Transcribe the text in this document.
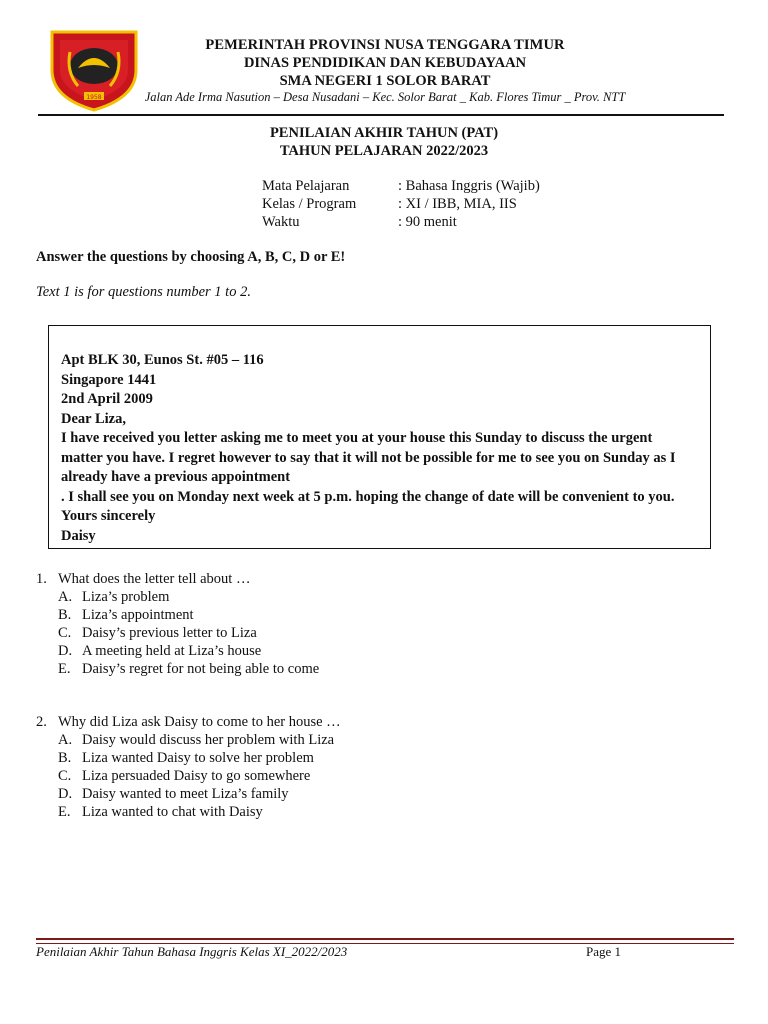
1958
PEMERINTAH PROVINSI NUSA TENGGARA TIMUR
DINAS PENDIDIKAN DAN KEBUDAYAAN
SMA NEGERI 1 SOLOR BARAT
Jalan Ade Irma Nasution – Desa Nusadani – Kec. Solor Barat _ Kab. Flores Timur _ Prov. NTT
PENILAIAN AKHIR TAHUN (PAT)
TAHUN PELAJARAN 2022/2023
Mata Pelajaran	: Bahasa Inggris (Wajib)
Kelas / Program	: XI / IBB, MIA, IIS
Waktu	: 90 menit
Answer the questions by choosing A, B, C, D or E!
Text 1 is for questions number 1 to 2.
Apt BLK 30, Eunos St. #05 – 116
Singapore 1441
2nd April 2009
Dear Liza,
I have received you letter asking me to meet you at your house this Sunday to discuss the urgent
matter you have. I regret however to say that it will not be possible for me to see you on Sunday as I
already have a previous appointment
. I shall see you on Monday next week at 5 p.m. hoping the change of date will be convenient to you.
Yours sincerely
Daisy
1. What does the letter tell about …
A. Liza’s problem
B. Liza’s appointment
C. Daisy’s previous letter to Liza
D. A meeting held at Liza’s house
E. Daisy’s regret for not being able to come
2. Why did Liza ask Daisy to come to her house …
A. Daisy would discuss her problem with Liza
B. Liza wanted Daisy to solve her problem
C. Liza persuaded Daisy to go somewhere
D. Daisy wanted to meet Liza’s family
E. Liza wanted to chat with Daisy
Penilaian Akhir Tahun Bahasa Inggris Kelas XI_2022/2023	Page 1
